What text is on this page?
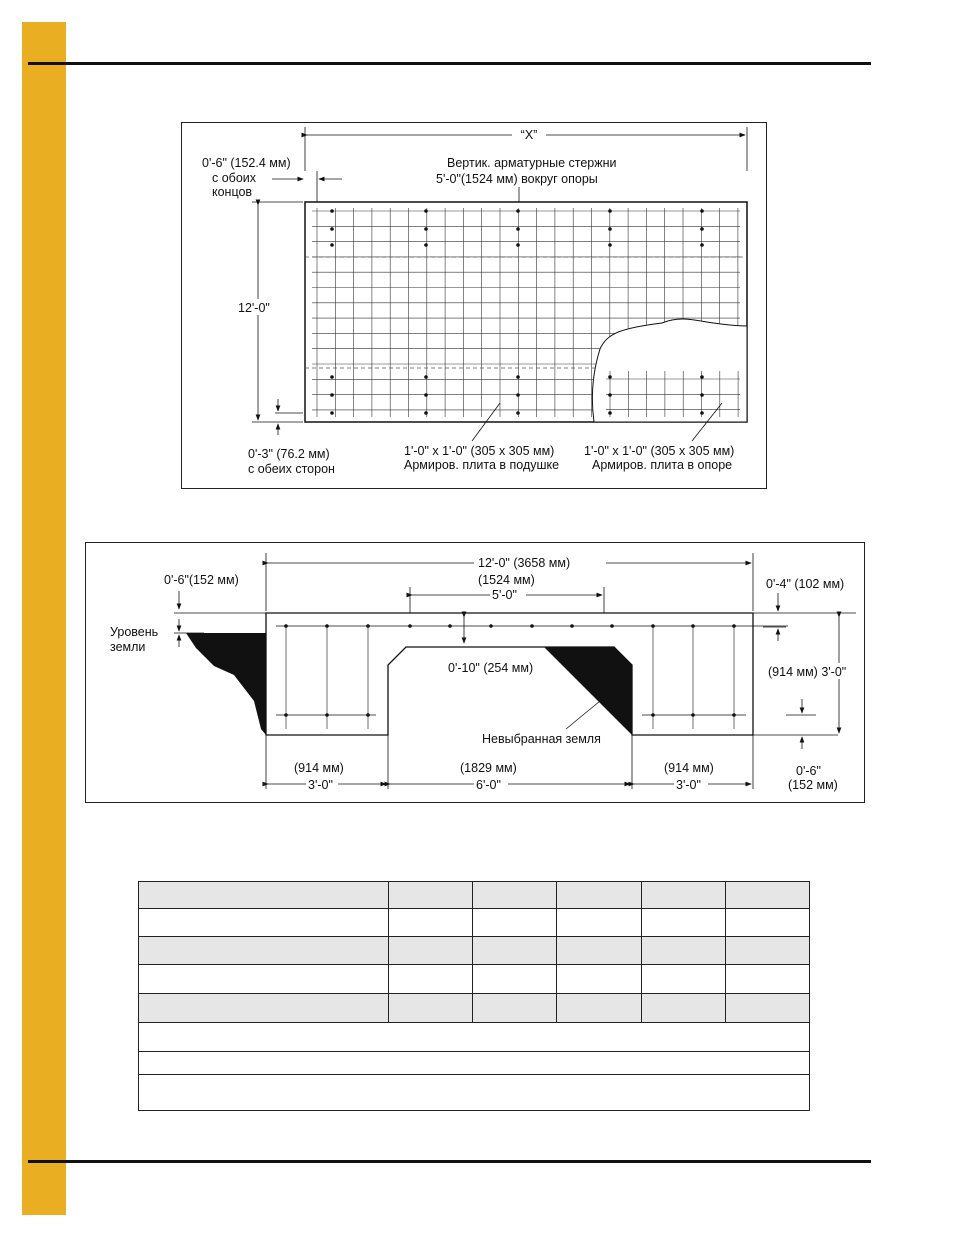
“X”
0'-6" (152.4 мм)
с обоих
концов
Вертик. арматурные стержни
5'-0"(1524 мм) вокруг опоры
12'-0"
0'-3" (76.2 мм)
с обеих сторон
1'-0" x 1'-0" (305 x 305 мм)
Армиров. плита в подушке
1'-0" x 1'-0" (305 x 305 мм)
Армиров. плита в опоре
12'-0" (3658 мм)
(1524 мм)
5'-0"
0'-6"(152 мм)	0'-4" (102 мм)
Уровень
земли
0'-10" (254 мм)	(914 мм) 3'-0"
Невыбранная земля
(914 мм)
3'-0"
(1829 мм)
6'-0"
(914 мм)
3'-0"
0'-6"
(152 мм)
